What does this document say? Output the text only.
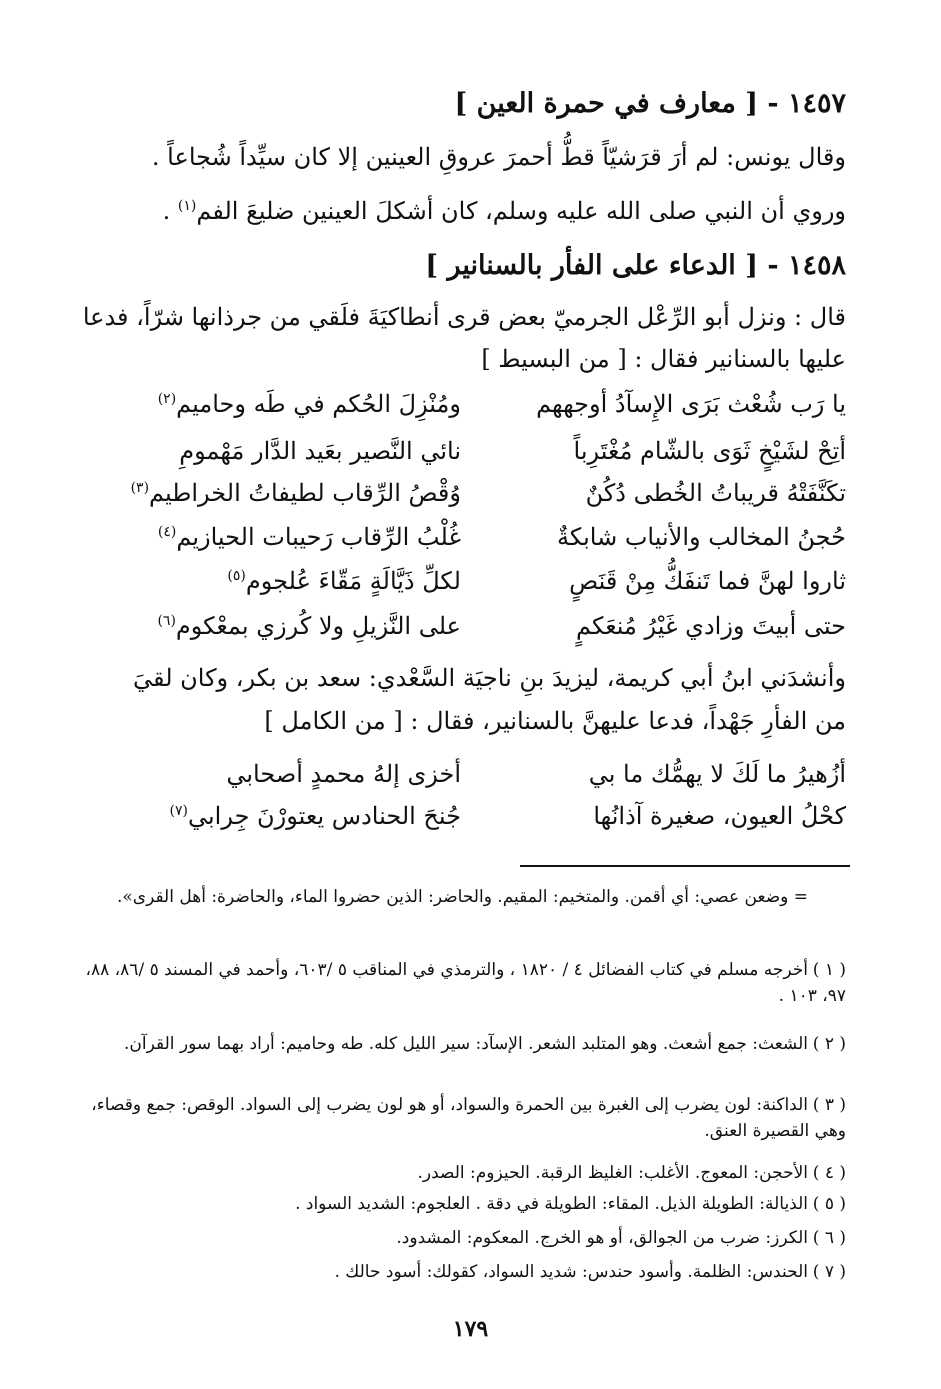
١٤٥٧ - [ معارف في حمرة العين ]
وقال يونس: لم أرَ قرَشيّاً قطُّ أحمرَ عروقِ العينين إلا كان سيِّداً شُجاعاً .
وروي أن النبي صلى الله عليه وسلم، كان أشكلَ العينين ضليعَ الفم$^{(١)}$ .
١٤٥٨ - [ الدعاء على الفأر بالسنانير ]
قال : ونزل أبو الرِّعْل الجرميّ بعض قرى أنطاكيَةَ فلَقي من جرذانها شرّاً، فدعا
عليها بالسنانير فقال : [ من البسيط ]
يا رَب شُعْث بَرَى الإِسآدُ أوجههم
ومُنْزِلَ الحُكم في طَه وحاميم$^{(٢)}$
أتِحْ لشَيْخٍ ثَوَى بالشّام مُغْتَرِباً
نائي النَّصير بعَيد الدَّار مَهْمومِ
تكَنَّفَتْهُ قريباتُ الخُطى دُكُنٌ
وُقْصُ الرِّقاب لطيفاتُ الخراطيم$^{(٣)}$
حُجنُ المخالب والأنياب شابكةٌ
غُلْبُ الرِّقاب رَحيبات الحيازيم$^{(٤)}$
ثاروا لهنَّ فما تَنفَكُّ مِنْ قَنَصٍ
لكلِّ ذَيَّالَةٍ مَقّاءَ عُلجوم$^{(٥)}$
حتى أبيتَ وزادي غَيْرُ مُنعَكمٍ
على النَّزيلِ ولا كُرزي بمعْكوم$^{(٦)}$
وأنشدَني ابنُ أبي كريمة، ليزيدَ بنِ ناجيَة السَّعْدي: سعد بن بكر، وكان لقيَ
من الفأرِ جَهْداً، فدعا عليهنَّ بالسنانير، فقال : [ من الكامل ]
أزُهيرُ ما لَكَ لا يهمُّك ما بي
أخزى إلهُ محمدٍ أصحابي
كحْلُ العيون، صغيرة آذانُها
جُنحَ الحنادس يعتورْنَ جِرابي$^{(٧)}$
= وضعن عصي: أي أقمن. والمتخيم: المقيم. والحاضر: الذين حضروا الماء، والحاضرة: أهل القرى».
( ١ )أخرجه مسلم في كتاب الفضائل ٤ / ١٨٢٠ ، والترمذي في المناقب ٥ /٦٠٣، وأحمد في المسند ٥ /٨٦، ٨٨، ٩٧، ١٠٣ .
( ٢ )الشعث: جمع أشعث. وهو المتلبد الشعر. الإسآد: سير الليل كله. طه وحاميم: أراد بهما سور القرآن.
( ٣ )الداكنة: لون يضرب إلى الغبرة بين الحمرة والسواد، أو هو لون يضرب إلى السواد. الوقص: جمع وقصاء، وهي القصيرة العنق.
( ٤ )الأحجن: المعوج. الأغلب: الغليظ الرقبة. الحيزوم: الصدر.
( ٥ )الذيالة: الطويلة الذيل. المقاء: الطويلة في دقة . العلجوم: الشديد السواد .
( ٦ )الكرز: ضرب من الجوالق، أو هو الخرج. المعكوم: المشدود.
( ٧ )الحندس: الظلمة. وأسود حندس: شديد السواد، كقولك: أسود حالك .
١٧٩
